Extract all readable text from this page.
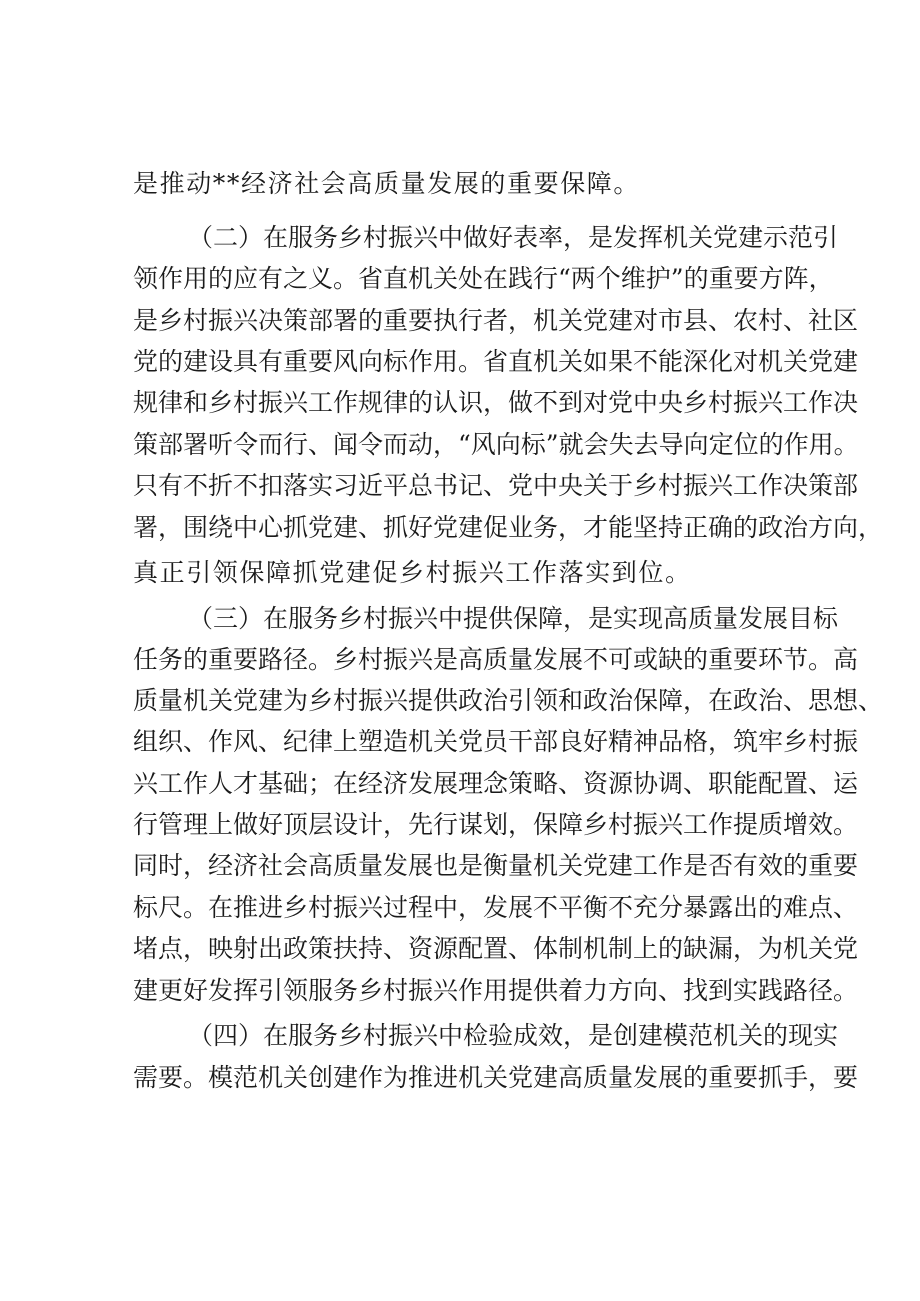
是推动**经济社会高质量发展的重要保障。
（二）在服务乡村振兴中做好表率，是发挥机关党建示范引
领作用的应有之义。省直机关处在践行“两个维护”的重要方阵，
是乡村振兴决策部署的重要执行者，机关党建对市县、农村、社区
党的建设具有重要风向标作用。省直机关如果不能深化对机关党建
规律和乡村振兴工作规律的认识，做不到对党中央乡村振兴工作决
策部署听令而行、闻令而动，“风向标”就会失去导向定位的作用。
只有不折不扣落实习近平总书记、党中央关于乡村振兴工作决策部
署，围绕中心抓党建、抓好党建促业务，才能坚持正确的政治方向，
真正引领保障抓党建促乡村振兴工作落实到位。
（三）在服务乡村振兴中提供保障，是实现高质量发展目标
任务的重要路径。乡村振兴是高质量发展不可或缺的重要环节。高
质量机关党建为乡村振兴提供政治引领和政治保障，在政治、思想、
组织、作风、纪律上塑造机关党员干部良好精神品格，筑牢乡村振
兴工作人才基础；在经济发展理念策略、资源协调、职能配置、运
行管理上做好顶层设计，先行谋划，保障乡村振兴工作提质增效。
同时，经济社会高质量发展也是衡量机关党建工作是否有效的重要
标尺。在推进乡村振兴过程中，发展不平衡不充分暴露出的难点、
堵点，映射出政策扶持、资源配置、体制机制上的缺漏，为机关党
建更好发挥引领服务乡村振兴作用提供着力方向、找到实践路径。
（四）在服务乡村振兴中检验成效，是创建模范机关的现实
需要。模范机关创建作为推进机关党建高质量发展的重要抓手，要
